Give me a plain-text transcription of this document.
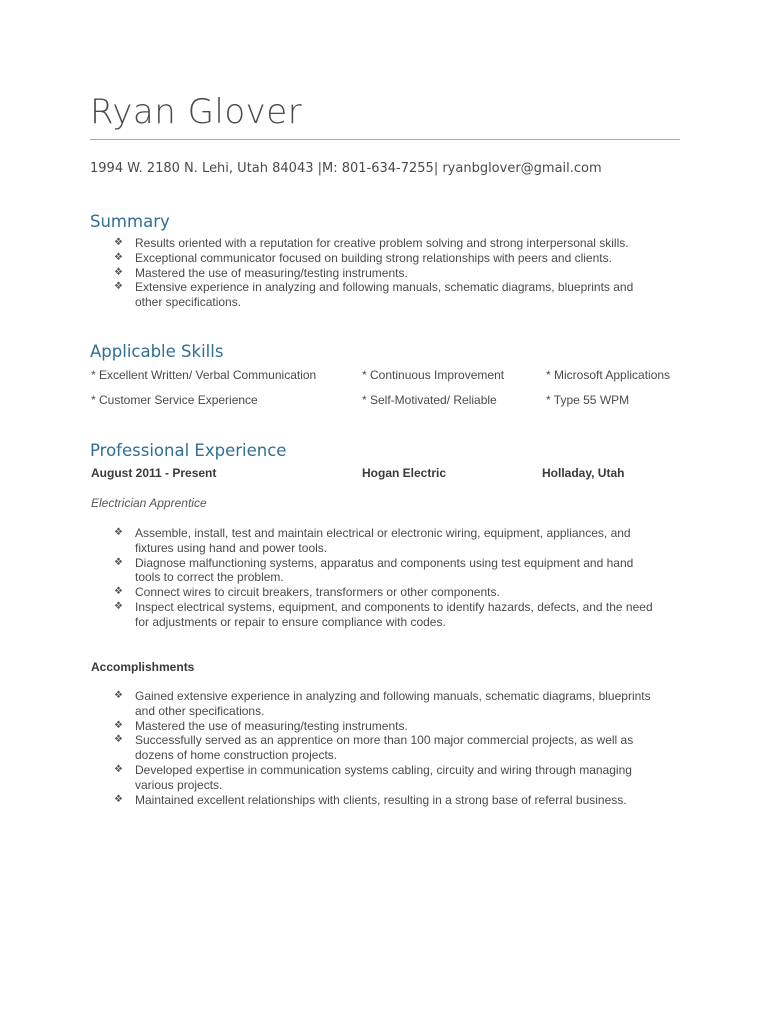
Ryan Glover
1994 W. 2180 N. Lehi, Utah 84043 |M: 801-634-7255| ryanbglover@gmail.com
Summary
❖ Results oriented with a reputation for creative problem solving and strong interpersonal skills.
❖ Exceptional communicator focused on building strong relationships with peers and clients.
❖ Mastered the use of measuring/testing instruments.
❖ Extensive experience in analyzing and following manuals, schematic diagrams, blueprints and
other specifications.
Applicable Skills
* Excellent Written/ Verbal Communication	* Continuous Improvement	* Microsoft Applications
* Customer Service Experience	* Self-Motivated/ Reliable	* Type 55 WPM
Professional Experience
August 2011 - Present	Hogan Electric	Holladay, Utah
Electrician Apprentice
❖ Assemble, install, test and maintain electrical or electronic wiring, equipment, appliances, and
fixtures using hand and power tools.
❖ Diagnose malfunctioning systems, apparatus and components using test equipment and hand
tools to correct the problem.
❖ Connect wires to circuit breakers, transformers or other components.
❖ Inspect electrical systems, equipment, and components to identify hazards, defects, and the need
for adjustments or repair to ensure compliance with codes.
Accomplishments
❖ Gained extensive experience in analyzing and following manuals, schematic diagrams, blueprints
and other specifications.
❖ Mastered the use of measuring/testing instruments.
❖ Successfully served as an apprentice on more than 100 major commercial projects, as well as
dozens of home construction projects.
❖ Developed expertise in communication systems cabling, circuity and wiring through managing
various projects.
❖ Maintained excellent relationships with clients, resulting in a strong base of referral business.
